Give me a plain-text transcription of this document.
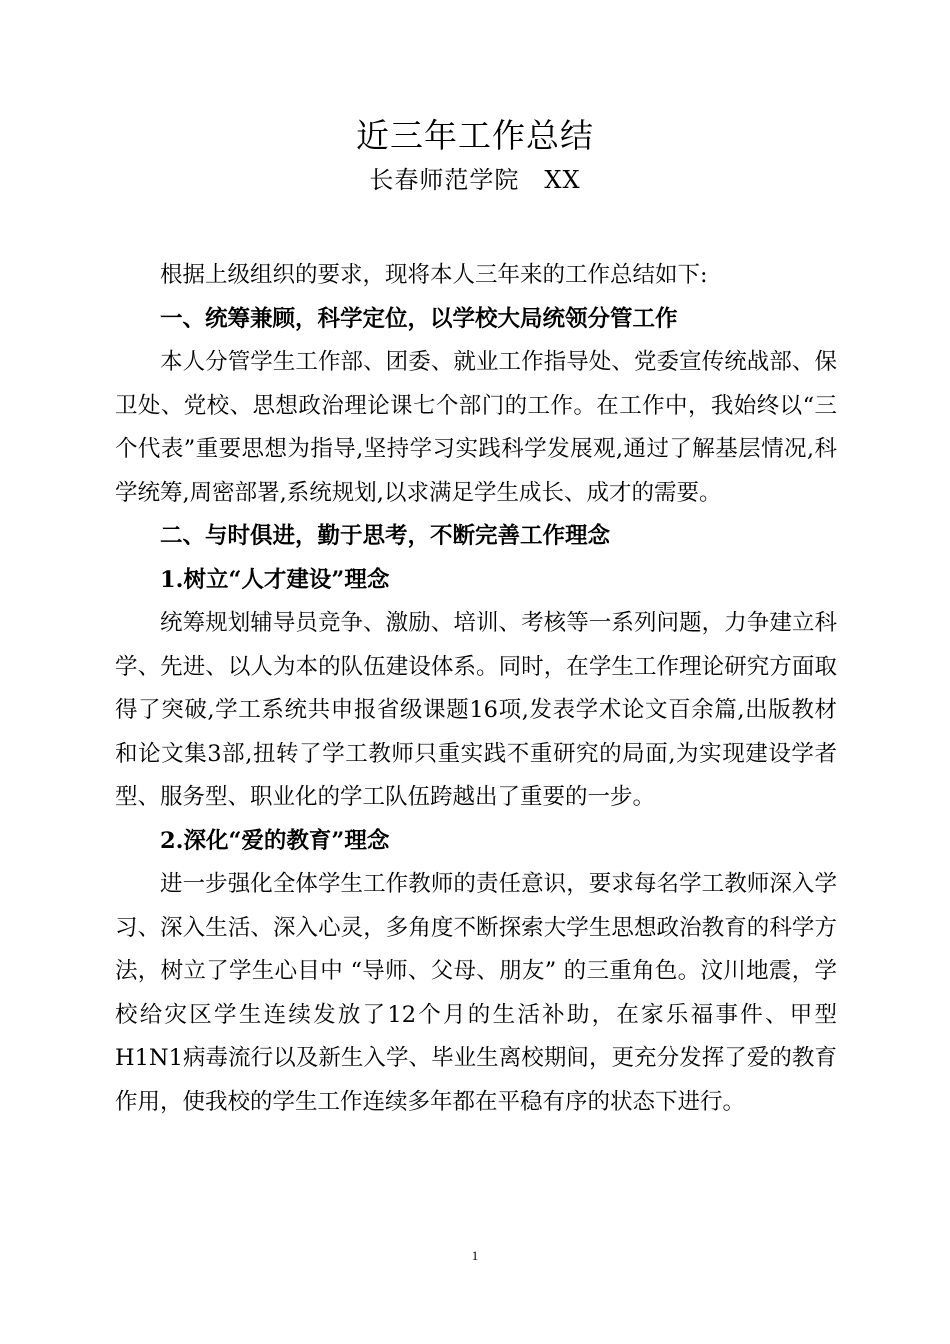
近三年工作总结
长春师范学院　XX

根据上级组织的要求，现将本人三年来的工作总结如下:

一、统筹兼顾，科学定位，以学校大局统领分管工作

本人分管学生工作部、团委、就业工作指导处、党委宣传统战部、保卫处、党校、思想政治理论课七个部门的工作。在工作中，我始终以“三个代表”重要思想为指导,坚持学习实践科学发展观,通过了解基层情况,科学统筹,周密部署,系统规划,以求满足学生成长、成才的需要。

二、与时俱进，勤于思考，不断完善工作理念

1.树立“人才建设”理念

统筹规划辅导员竞争、激励、培训、考核等一系列问题，力争建立科学、先进、以人为本的队伍建设体系。同时，在学生工作理论研究方面取得了突破,学工系统共申报省级课题16项,发表学术论文百余篇,出版教材和论文集3部,扭转了学工教师只重实践不重研究的局面,为实现建设学者型、服务型、职业化的学工队伍跨越出了重要的一步。

2.深化“爱的教育”理念

进一步强化全体学生工作教师的责任意识，要求每名学工教师深入学习、深入生活、深入心灵，多角度不断探索大学生思想政治教育的科学方法，树立了学生心目中 “导师、父母、朋友” 的三重角色。汶川地震，学校给灾区学生连续发放了12个月的生活补助，在家乐福事件、甲型H1N1病毒流行以及新生入学、毕业生离校期间，更充分发挥了爱的教育作用，使我校的学生工作连续多年都在平稳有序的状态下进行。

1
